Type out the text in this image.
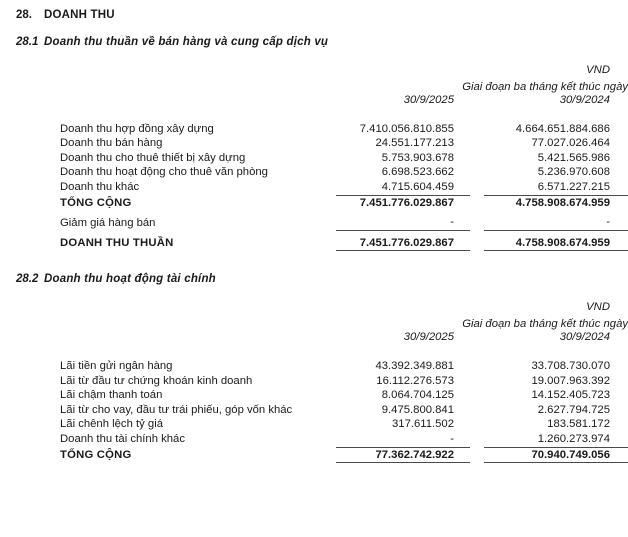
28.	DOANH THU
28.1 Doanh thu thuần về bán hàng và cung cấp dịch vụ
	VND		
	Giai đoạn ba tháng kết thúc ngày		
	30/9/2025		30/9/2024

Doanh thu hợp đồng xây dựng	7.410.056.810.855		4.664.651.884.686
Doanh thu bán hàng	24.551.177.213		77.027.026.464
Doanh thu cho thuê thiết bị xây dựng	5.753.903.678		5.421.565.986
Doanh thu hoạt động cho thuê văn phòng	6.698.523.662		5.236.970.608
Doanh thu khác	4.715.604.459		6.571.227.215
TỔNG CỘNG	7.451.776.029.867		4.758.908.674.959

Giảm giá hàng bán	-		-

DOANH THU THUẦN	7.451.776.029.867		4.758.908.674.959
28.2 Doanh thu hoạt động tài chính
	VND		
	Giai đoạn ba tháng kết thúc ngày		
	30/9/2025		30/9/2024

Lãi tiền gửi ngân hàng	43.392.349.881		33.708.730.070
Lãi từ đầu tư chứng khoán kinh doanh	16.112.276.573		19.007.963.392
Lãi chậm thanh toán	8.064.704.125		14.152.405.723
Lãi từ cho vay, đầu tư trái phiếu, góp vốn khác	9.475.800.841		2.627.794.725
Lãi chênh lệch tỷ giá	317.611.502		183.581.172
Doanh thu tài chính khác	-		1.260.273.974
TỔNG CỘNG	77.362.742.922		70.940.749.056
